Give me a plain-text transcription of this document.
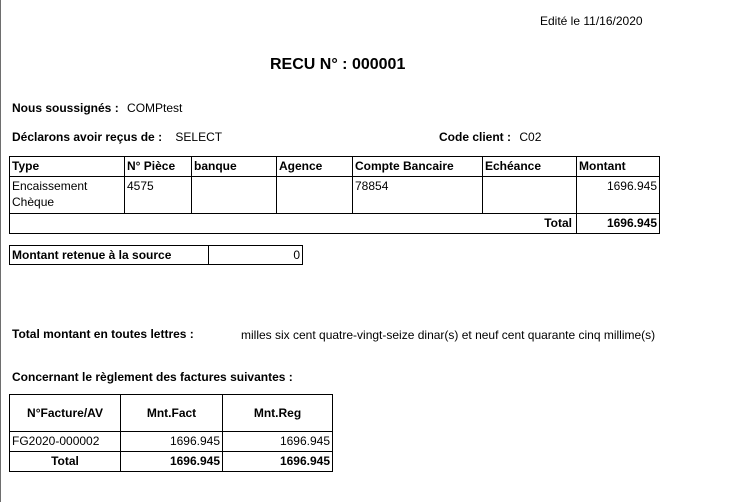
Edité le 11/16/2020
RECU N° : 000001
Nous soussignés : COMPtest
Déclarons avoir reçus de : SELECT	Code client : C02
Type	N° Pièce	banque	Agence	Compte Bancaire	Echéance	Montant

Encaissement
Chèque	4575			78854		1696.945
Total						1696.945
Montant retenue à la source	0
Total montant en toutes lettres :	milles six cent quatre-vingt-seize dinar(s) et neuf cent quarante cinq millime(s)
Concernant le règlement des factures suivantes :
N°Facture/AV	Mnt.Fact	Mnt.Reg
FG2020-000002	1696.945	1696.945
Total	1696.945	1696.945
